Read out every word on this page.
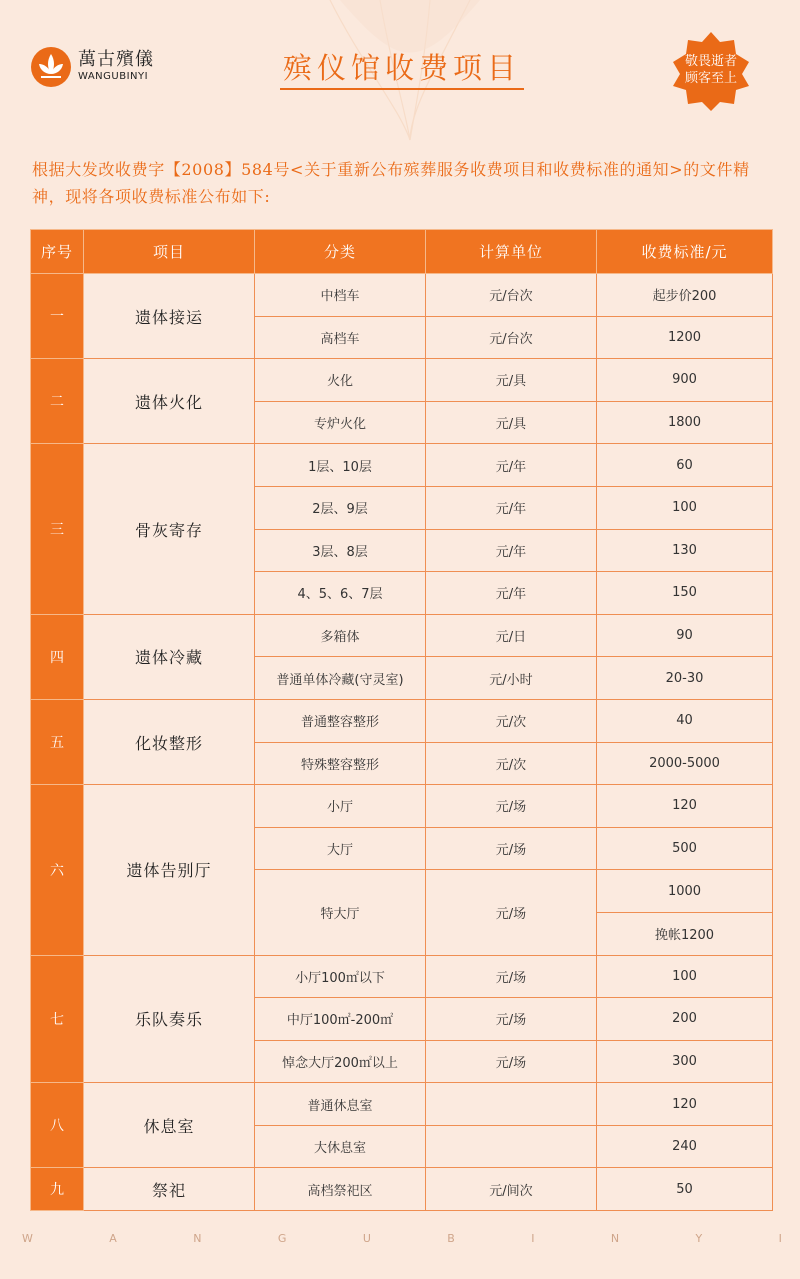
萬古殯儀
WANGUBINYI	殡仪馆收费项目	敬畏逝者
顾客至上
根据大发改收费字【2008】584号<关于重新公布殡葬服务收费项目和收费标准的通知>的文件精神，现将各项收费标准公布如下:
序号	项目	分类	计算单位	收费标准/元
一	遗体接运	中档车	元/台次	起步价200
		高档车	元/台次	1200
二	遗体火化	火化	元/具	900
		专炉火化	元/具	1800
三	骨灰寄存	1层、10层	元/年	60
		2层、9层	元/年	100
		3层、8层	元/年	130
		4、5、6、7层	元/年	150
四	遗体冷藏	多箱体	元/日	90
		普通单体冷藏(守灵室)	元/小时	20-30
五	化妆整形	普通整容整形	元/次	40
		特殊整容整形	元/次	2000-5000
六	遗体告别厅	小厅	元/场	120
		大厅	元/场	500
		特大厅	元/场	1000
				挽帐1200
七	乐队奏乐	小厅100㎡以下	元/场	100
		中厅100㎡-200㎡	元/场	200
		悼念大厅200㎡以上	元/场	300
八	休息室	普通休息室		120
		大休息室		240
九	祭祀	高档祭祀区	元/间次	50
W	A	N	G	U	B	I	N	Y	I
